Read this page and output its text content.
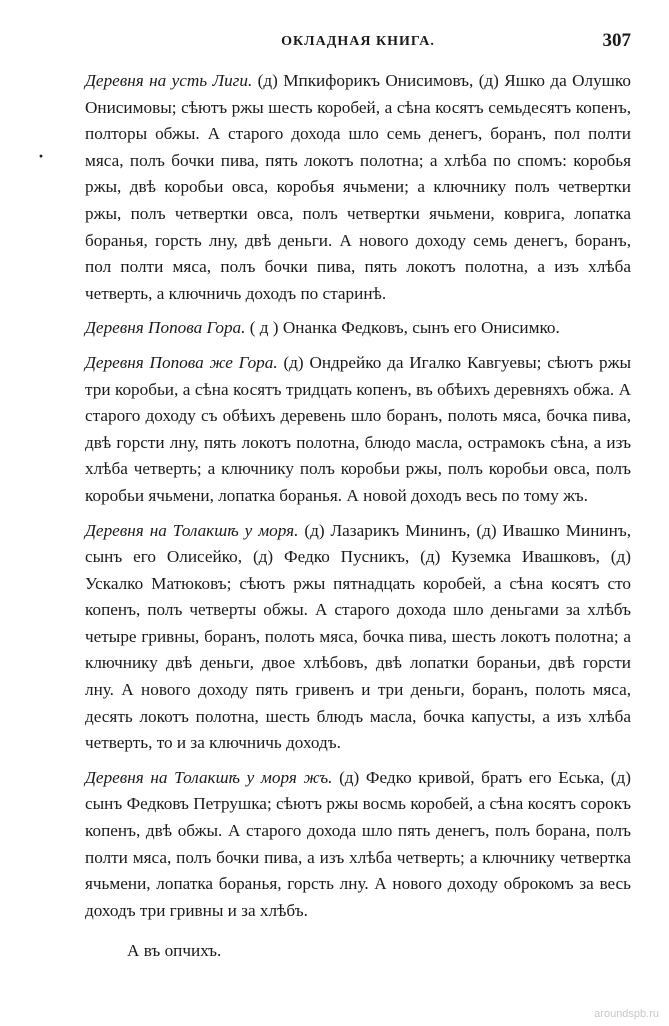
ОКЛАДНАЯ КНИГА.	307
·

Деревня на усть Лиги. (д) Мпкифорикъ Онисимовъ, (д) Яшко да Олушко Онисимовы; сѣютъ ржы шесть коробей, а сѣна косятъ семьдесятъ копенъ, полторы обжы. А старого дохода шло семь денегъ, боранъ, пол полти мяса, полъ бочки пива, пять локотъ полотна; а хлѣба по спомъ: коробья ржы, двѣ коробьи овса, коробья ячьмени; а ключнику полъ четвертки ржы, полъ четвертки овса, полъ четвертки ячьмени, коврига, лопатка боранья, горсть лну, двѣ деньги. А нового доходу семь денегъ, боранъ, пол полти мяса, полъ бочки пива, пять локотъ полотна, а изъ хлѣба четверть, а ключничь доходъ по старинѣ.

Деревня Попова Гора. ( д ) Онанка Федковъ, сынъ его Онисимко.

Деревня Попова же Гора. (д) Ондрейко да Игалко Кавгуевы; сѣютъ ржы три коробьи, а сѣна косятъ тридцать копенъ, въ обѣихъ деревняхъ обжа. А старого доходу съ обѣихъ деревень шло боранъ, полоть мяса, бочка пива, двѣ горсти лну, пять локотъ полотна, блюдо масла, острамокъ сѣна, а изъ хлѣба четверть; а ключнику полъ коробьи ржы, полъ коробьи овса, полъ коробьи ячьмени, лопатка боранья. А новой доходъ весь по тому жъ.

Деревня на Толакшѣ у моря. (д) Лазарикъ Мининъ, (д) Ивашко Мининъ, сынъ его Олисейко, (д) Федко Пусникъ, (д) Куземка Ивашковъ, (д) Ускалко Матюковъ; сѣютъ ржы пятнадцать коробей, а сѣна косятъ сто копенъ, полъ четверты обжы. А старого дохода шло деньгами за хлѣбъ четыре гривны, боранъ, полоть мяса, бочка пива, шесть локотъ полотна; а ключнику двѣ деньги, двое хлѣбовъ, двѣ лопатки бораньи, двѣ горсти лну. А нового доходу пять гривенъ и три деньги, боранъ, полоть мяса, десять локотъ полотна, шесть блюдъ масла, бочка капусты, а изъ хлѣба четверть, то и за ключничь доходъ.

Деревня на Толакшѣ у моря жъ. (д) Федко кривой, братъ его Еська, (д) сынъ Федковъ Петрушка; сѣютъ ржы восмь коробей, а сѣна косятъ сорокъ копенъ, двѣ обжы. А старого дохода шло пять денегъ, полъ борана, полъ полти мяса, полъ бочки пива, а изъ хлѣба четверть; а ключнику четвертка ячьмени, лопатка боранья, горсть лну. А нового доходу оброкомъ за весь доходъ три гривны и за хлѣбъ.

А въ опчихъ.
aroundspb.ru
